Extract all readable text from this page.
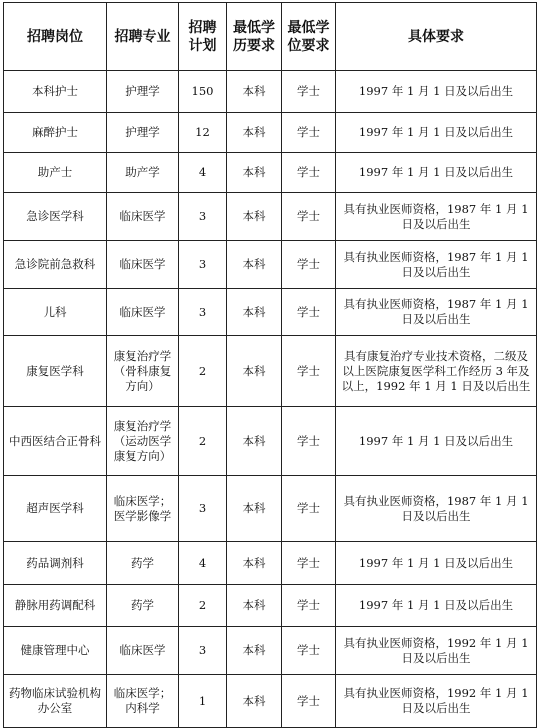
招聘岗位	招聘专业	招聘计划	最低学历要求	最低学位要求	具体要求
本科护士	护理学	150	本科	学士	1997 年 1 月 1 日及以后出生
麻醉护士	护理学	12	本科	学士	1997 年 1 月 1 日及以后出生
助产士	助产学	4	本科	学士	1997 年 1 月 1 日及以后出生
急诊医学科	临床医学	3	本科	学士	具有执业医师资格，1987 年 1 月 1 日及以后出生
急诊院前急救科	临床医学	3	本科	学士	具有执业医师资格，1987 年 1 月 1 日及以后出生
儿科	临床医学	3	本科	学士	具有执业医师资格，1987 年 1 月 1 日及以后出生
康复医学科	康复治疗学（骨科康复方向）	2	本科	学士	具有康复治疗专业技术资格，二级及以上医院康复医学科工作经历 3 年及以上，1992 年 1 月 1 日及以后出生
中西医结合正骨科	康复治疗学（运动医学康复方向）	2	本科	学士	1997 年 1 月 1 日及以后出生
超声医学科	临床医学；医学影像学	3	本科	学士	具有执业医师资格，1987 年 1 月 1 日及以后出生
药品调剂科	药学	4	本科	学士	1997 年 1 月 1 日及以后出生
静脉用药调配科	药学	2	本科	学士	1997 年 1 月 1 日及以后出生
健康管理中心	临床医学	3	本科	学士	具有执业医师资格，1992 年 1 月 1 日及以后出生
药物临床试验机构办公室	临床医学；内科学	1	本科	学士	具有执业医师资格，1992 年 1 月 1 日及以后出生
